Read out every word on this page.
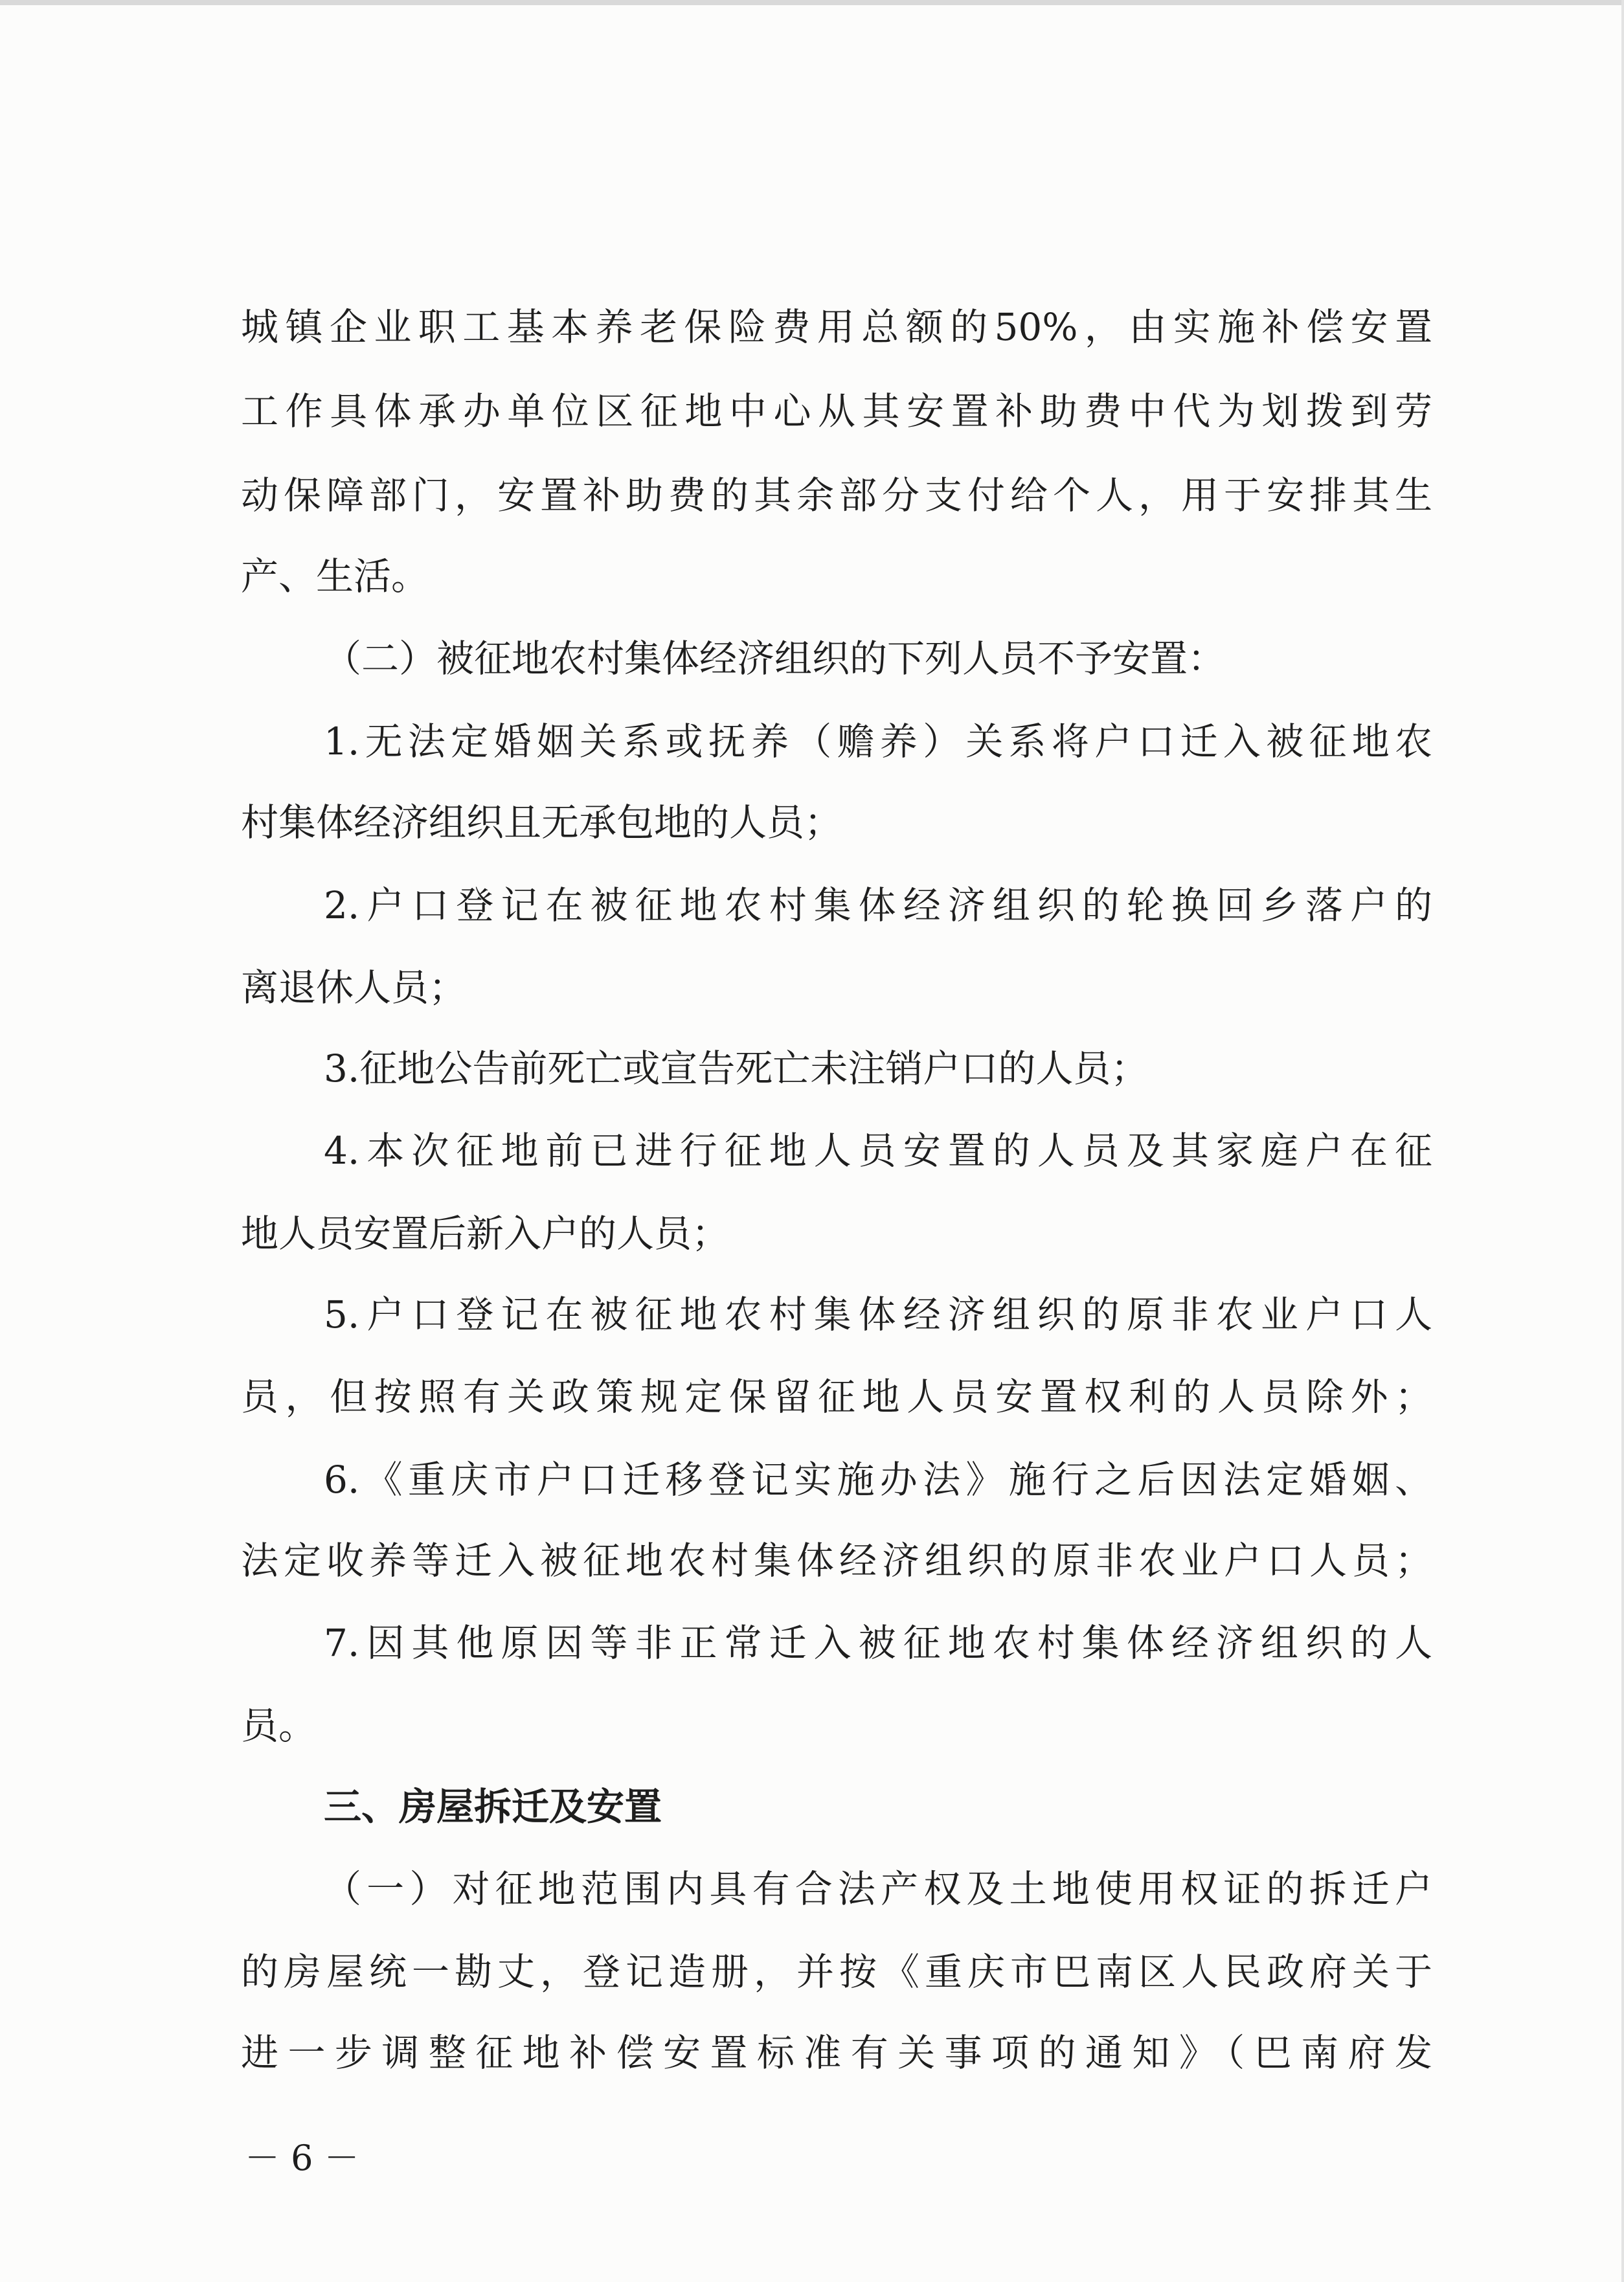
城镇企业职工基本养老保险费用总额的50%，由实施补偿安置
工作具体承办单位区征地中心从其安置补助费中代为划拨到劳
动保障部门，安置补助费的其余部分支付给个人，用于安排其生
产、生活。
（二）被征地农村集体经济组织的下列人员不予安置：
1.无法定婚姻关系或抚养（赡养）关系将户口迁入被征地农
村集体经济组织且无承包地的人员；
2.户口登记在被征地农村集体经济组织的轮换回乡落户的
离退休人员；
3.征地公告前死亡或宣告死亡未注销户口的人员；
4.本次征地前已进行征地人员安置的人员及其家庭户在征
地人员安置后新入户的人员；
5.户口登记在被征地农村集体经济组织的原非农业户口人
员，但按照有关政策规定保留征地人员安置权利的人员除外；
6.《重庆市户口迁移登记实施办法》施行之后因法定婚姻、
法定收养等迁入被征地农村集体经济组织的原非农业户口人员；
7.因其他原因等非正常迁入被征地农村集体经济组织的人
员。
三、房屋拆迁及安置
（一）对征地范围内具有合法产权及土地使用权证的拆迁户
的房屋统一勘丈，登记造册，并按《重庆市巴南区人民政府关于
进一步调整征地补偿安置标准有关事项的通知》（巴南府发
－ 6 －
